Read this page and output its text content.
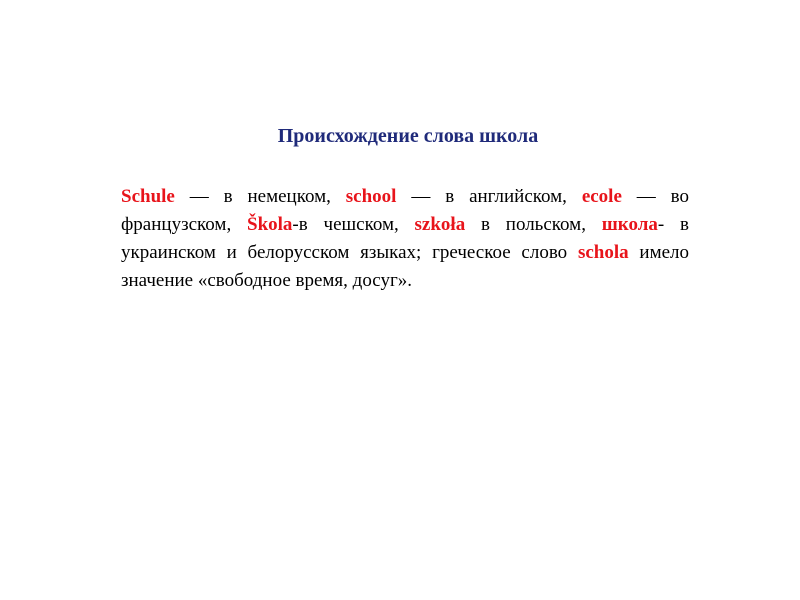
Происхождение слова школа

Schule — в немецком, school — в английском, ecole — во французском, Škola-в чешском, szkoła в польском, школа- в украинском и белорусском языках; греческое слово schola имело значение «свободное время, досуг».
